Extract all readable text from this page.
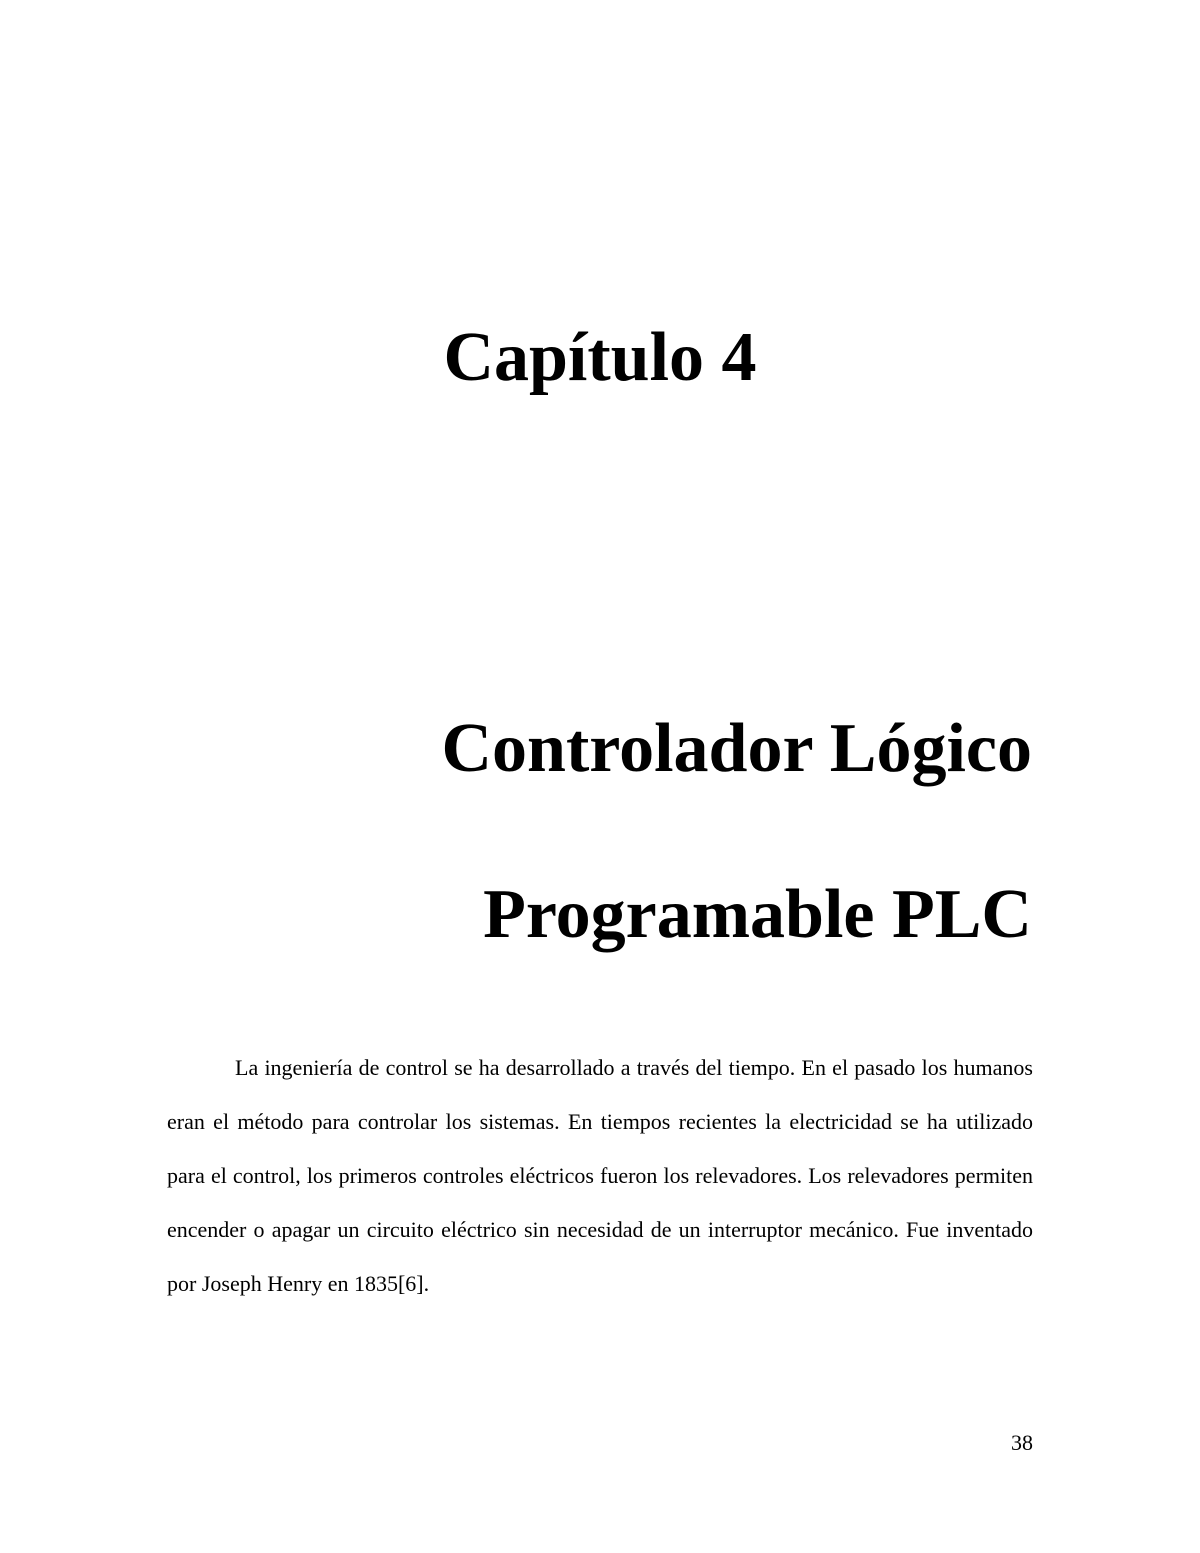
Capítulo 4
Controlador Lógico
Programable PLC

La ingeniería de control se ha desarrollado a través del tiempo. En el pasado los humanos eran el método para controlar los sistemas. En tiempos recientes la electricidad se ha utilizado para el control, los primeros controles eléctricos fueron los relevadores. Los relevadores permiten encender o apagar un circuito eléctrico sin necesidad de un interruptor mecánico. Fue inventado por Joseph Henry en 1835[6].

38
